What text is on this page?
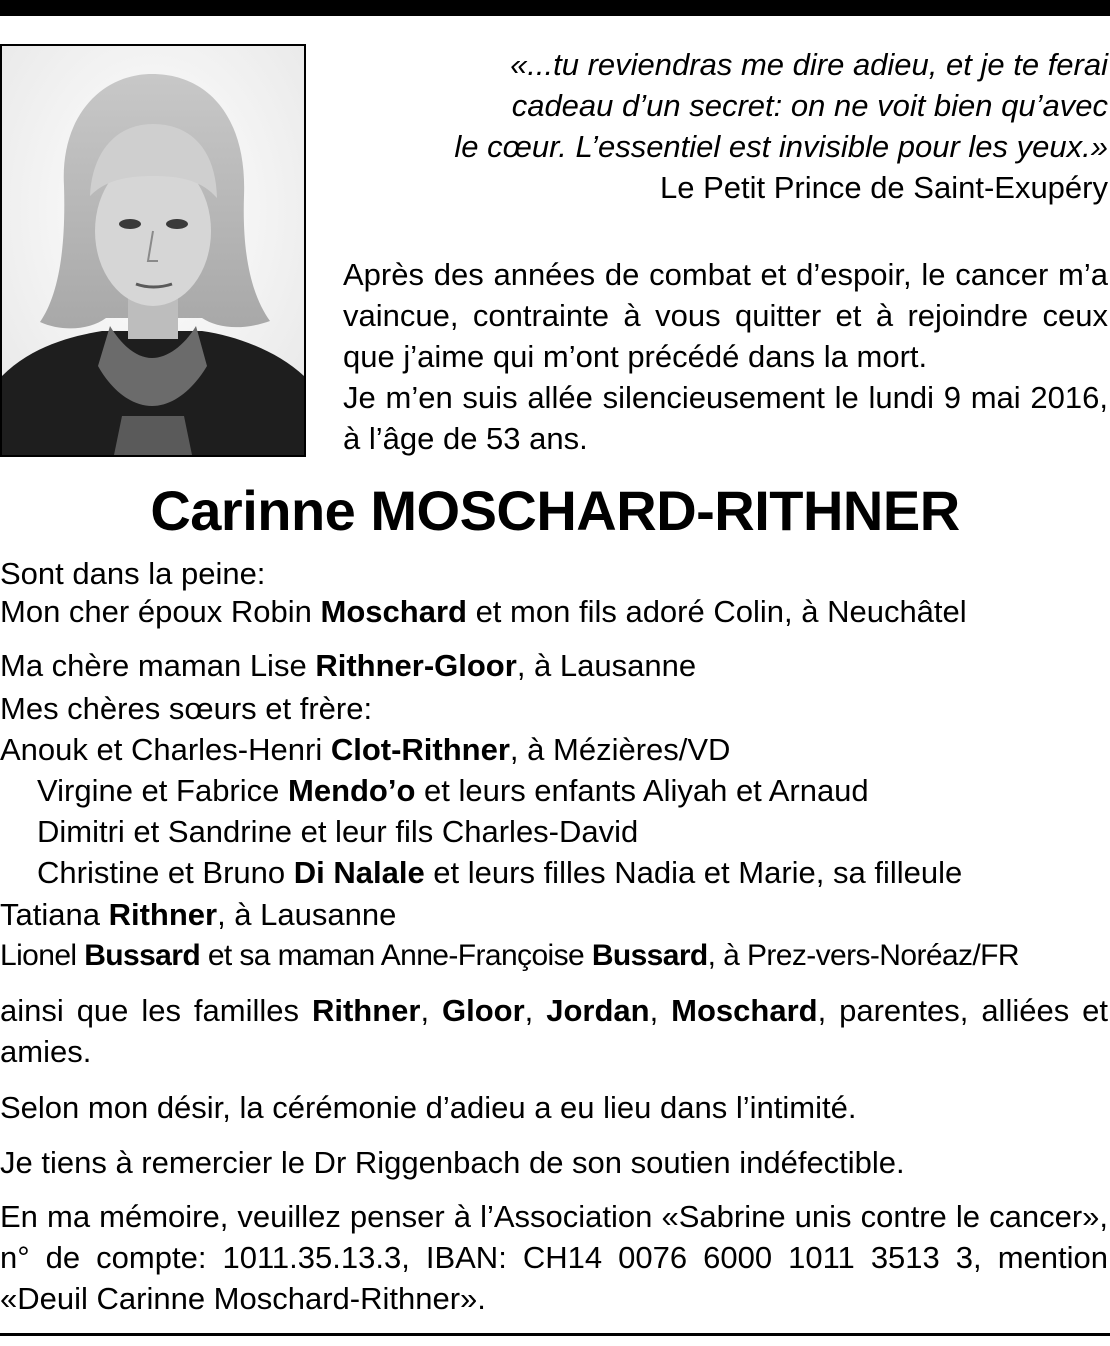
«...tu reviendras me dire adieu, et je te ferai
cadeau d’un secret: on ne voit bien qu’avec
le cœur. L’essentiel est invisible pour les yeux.»
Le Petit Prince de Saint-Exupéry

Après des années de combat et d’espoir, le cancer m’a vaincue, contrainte à vous quitter et à rejoindre ceux que j’aime qui m’ont précédé dans la mort.

Je m’en suis allée silencieusement le lundi 9 mai 2016, à l’âge de 53 ans.

Carinne MOSCHARD-RITHNER
Sont dans la peine:
Mon cher époux Robin Moschard et mon fils adoré Colin, à Neuchâtel
Ma chère maman Lise Rithner-Gloor, à Lausanne
Mes chères sœurs et frère:
Anouk et Charles-Henri Clot-Rithner, à Mézières/VD
Virgine et Fabrice Mendo’o et leurs enfants Aliyah et Arnaud
Dimitri et Sandrine et leur fils Charles-David
Christine et Bruno Di Nalale et leurs filles Nadia et Marie, sa filleule
Tatiana Rithner, à Lausanne
Lionel Bussard et sa maman Anne-Françoise Bussard, à Prez-vers-Noréaz/FR
ainsi que les familles Rithner, Gloor, Jordan, Moschard, parentes, alliées et amies.
Selon mon désir, la cérémonie d’adieu a eu lieu dans l’intimité.
Je tiens à remercier le Dr Riggenbach de son soutien indéfectible.
En ma mémoire, veuillez penser à l’Association «Sabrine unis contre le cancer», n° de compte: 1011.35.13.3, IBAN: CH14 0076 6000 1011 3513 3, mention «Deuil Carinne Moschard-Rithner».
